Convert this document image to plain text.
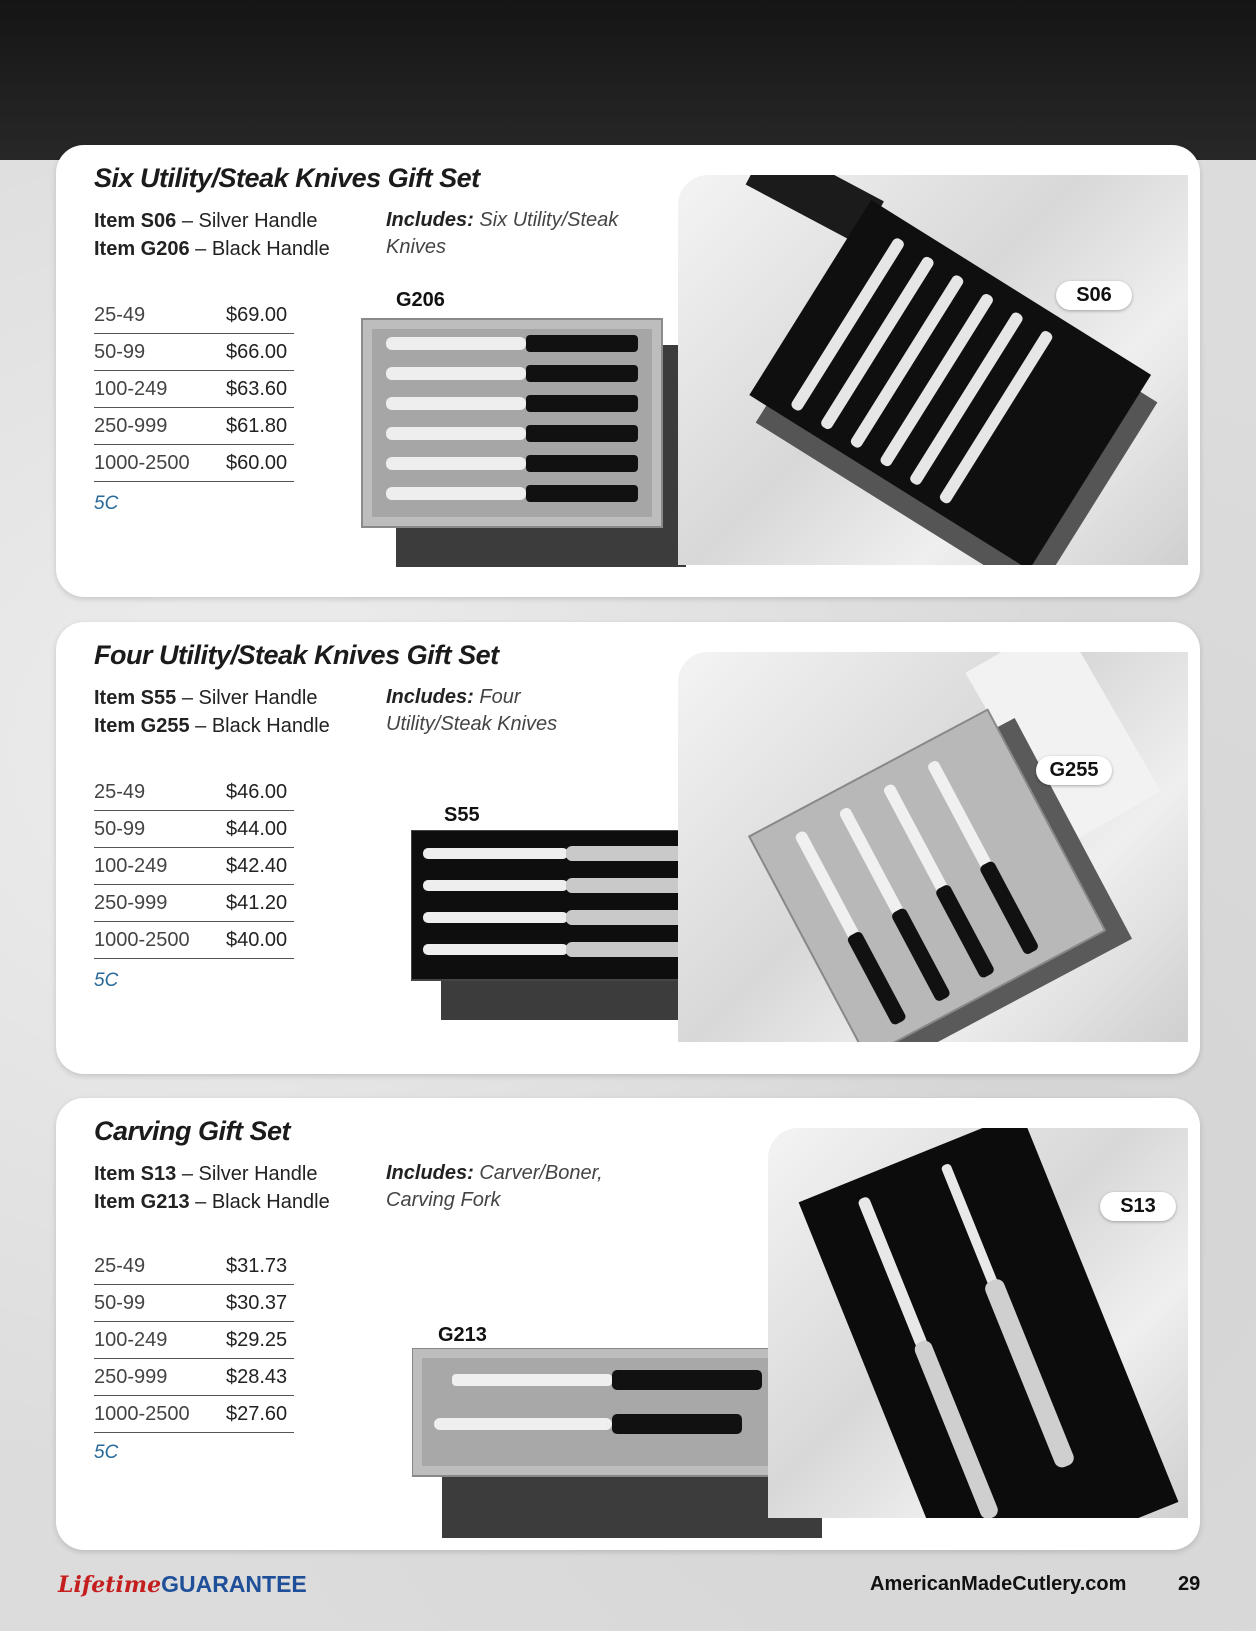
Six Utility/Steak Knives Gift Set
Item S06 – Silver Handle
Item G206 – Black Handle
Includes: Six Utility/Steak Knives
25-49	$69.00
50-99	$66.00
100-249	$63.60
250-999	$61.80
1000-2500	$60.00
5C
G206	S06
Four Utility/Steak Knives Gift Set
Item S55 – Silver Handle
Item G255 – Black Handle
Includes: Four Utility/Steak Knives
25-49	$46.00
50-99	$44.00
100-249	$42.40
250-999	$41.20
1000-2500	$40.00
5C
S55
G255
Carving Gift Set
Item S13 – Silver Handle
Item G213 – Black Handle
Includes: Carver/Boner, Carving Fork
25-49	$31.73
50-99	$30.37
100-249	$29.25
250-999	$28.43
1000-2500	$27.60
5C
G213
S13
LifetimeGUARANTEE	AmericanMadeCutlery.com	29
